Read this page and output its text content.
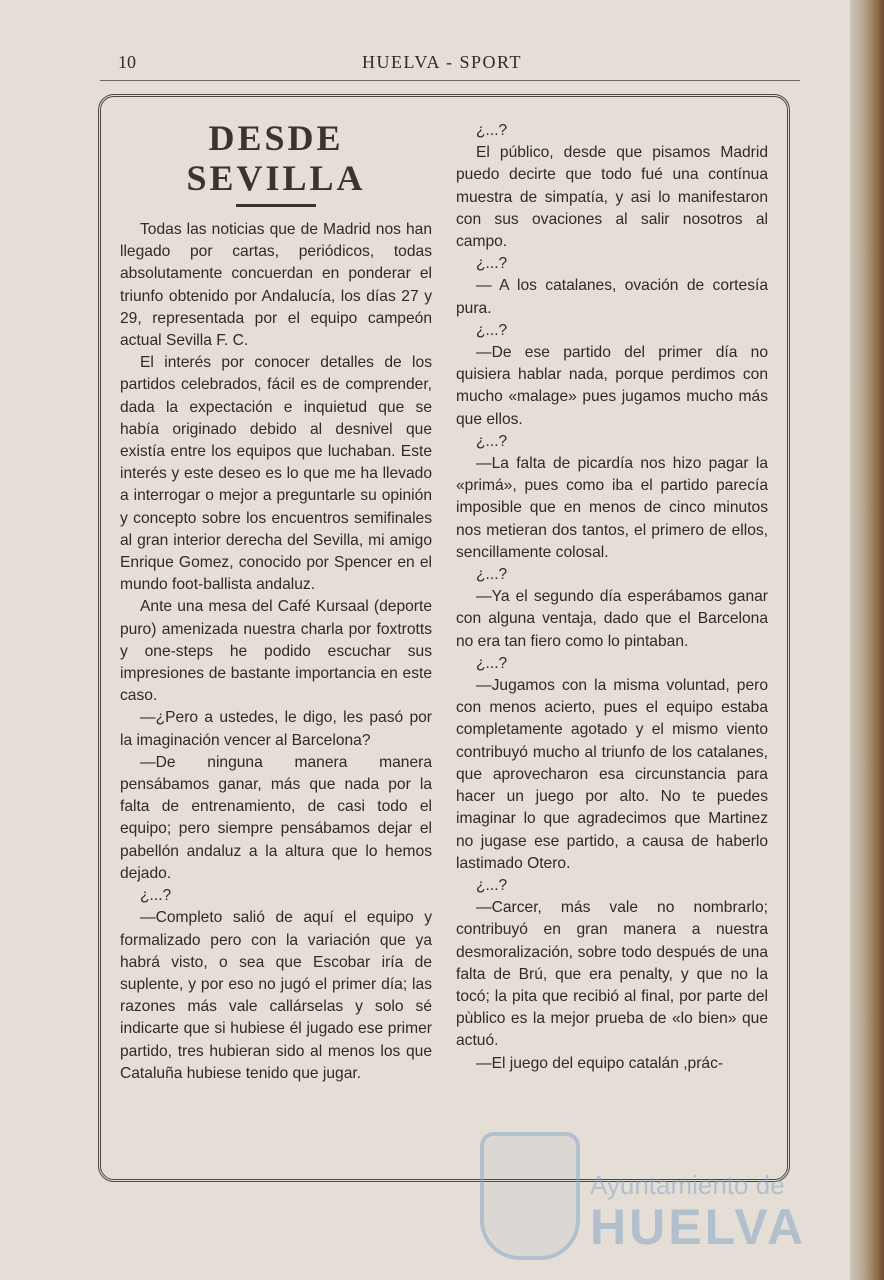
10	HUELVA - SPORT
DESDE SEVILLA

Todas las noticias que de Madrid nos han llegado por cartas, periódicos, todas absolutamente concuerdan en ponderar el triunfo obtenido por Andalucía, los días 27 y 29, representada por el equipo campeón actual Sevilla F. C.

El interés por conocer detalles de los partidos celebrados, fácil es de comprender, dada la expectación e inquietud que se había originado debido al desnivel que existía entre los equipos que luchaban. Este interés y este deseo es lo que me ha llevado a interrogar o mejor a preguntarle su opinión y concepto sobre los encuentros semifinales al gran interior derecha del Sevilla, mi amigo Enrique Gomez, conocido por Spencer en el mundo foot-ballista andaluz.

Ante una mesa del Café Kursaal (deporte puro) amenizada nuestra charla por foxtrotts y one-steps he podido escuchar sus impresiones de bastante importancia en este caso.

—¿Pero a ustedes, le digo, les pasó por la imaginación vencer al Barcelona?

—De ninguna manera manera pensábamos ganar, más que nada por la falta de entrenamiento, de casi todo el equipo; pero siempre pensábamos dejar el pabellón andaluz a la altura que lo hemos dejado.

¿...?

—Completo salió de aquí el equipo y formalizado pero con la variación que ya habrá visto, o sea que Escobar iría de suplente, y por eso no jugó el primer día; las razones más vale callárselas y solo sé indicarte que si hubiese él jugado ese primer partido, tres hubieran sido al menos los que Cataluña hubiese tenido que jugar.

¿...?

El público, desde que pisamos Madrid puedo decirte que todo fué una contínua muestra de simpatía, y asi lo manifestaron con sus ovaciones al salir nosotros al campo.

¿...?

— A los catalanes, ovación de cortesía pura.

¿...?

—De ese partido del primer día no quisiera hablar nada, porque perdimos con mucho «malage» pues jugamos mucho más que ellos.

¿...?

—La falta de picardía nos hizo pagar la «primá», pues como iba el partido parecía imposible que en menos de cinco minutos nos metieran dos tantos, el primero de ellos, sencillamente colosal.

¿...?

—Ya el segundo día esperábamos ganar con alguna ventaja, dado que el Barcelona no era tan fiero como lo pintaban.

¿...?

—Jugamos con la misma voluntad, pero con menos acierto, pues el equipo estaba completamente agotado y el mismo viento contribuyó mucho al triunfo de los catalanes, que aprovecharon esa circunstancia para hacer un juego por alto. No te puedes imaginar lo que agradecimos que Martinez no jugase ese partido, a causa de haberlo lastimado Otero.

¿...?

—Carcer, más vale no nombrarlo; contribuyó en gran manera a nuestra desmoralización, sobre todo después de una falta de Brú, que era penalty, y que no la tocó; la pita que recibió al final, por parte del pùblico es la mejor prueba de «lo bien» que actuó.

—El juego del equipo catalán ,prác-

Ayuntamiento de
HUELVA
